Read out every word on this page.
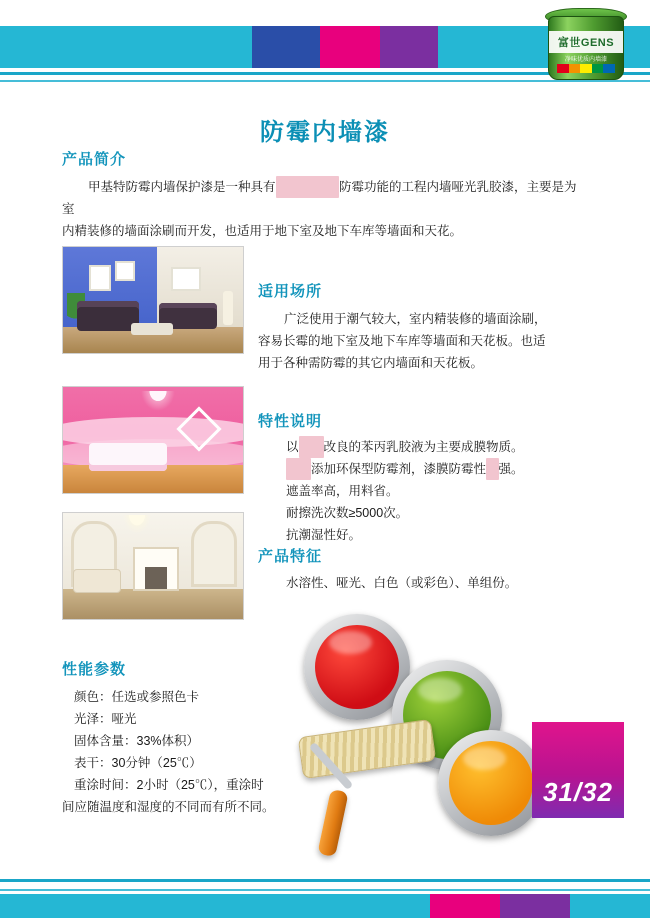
富世GENS
净味优质内墙漆
防霉内墙漆
产品简介

甲基特防霉内墙保护漆是一种具有	防霉功能的工程内墙哑光乳胶漆，主要是为室

内精装修的墙面涂刷而开发，也适用于地下室及地下车库等墙面和天花。

适用场所

广泛使用于潮气较大，室内精装修的墙面涂刷，

容易长霉的地下室及地下车库等墙面和天花板。也适

用于各种需防霉的其它内墙面和天花板。

特性说明

以 改良的苯丙乳胶液为主要成膜物质。

添加环保型防霉剂，漆膜防霉性 强。

遮盖率高，用料省。

耐擦洗次数≥5000次。

抗潮湿性好。

产品特征
水溶性、哑光、白色（或彩色）、单组份。
性能参数

颜色：任选或参照色卡

光泽：哑光

固体含量：33%体积）

表干：30分钟（25℃）

重涂时间：2小时（25℃），重涂时

间应随温度和湿度的不同而有所不同。	31/32
